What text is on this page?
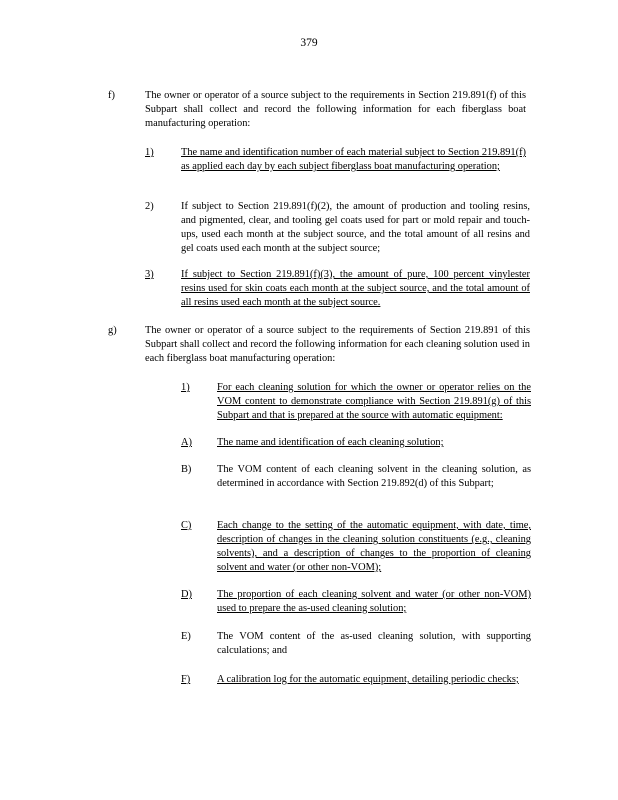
379
f)	The owner or operator of a source subject to the requirements in Section 219.891(f) of this Subpart shall collect and record the following information for each fiberglass boat manufacturing operation:
1)	The name and identification number of each material subject to Section 219.891(f) as applied each day by each subject fiberglass boat manufacturing operation;
2)	If subject to Section 219.891(f)(2), the amount of production and tooling resins, and pigmented, clear, and tooling gel coats used for part or mold repair and touch-ups, used each month at the subject source, and the total amount of all resins and gel coats used each month at the subject source;
3)	If subject to Section 219.891(f)(3), the amount of pure, 100 percent vinylester resins used for skin coats each month at the subject source, and the total amount of all resins used each month at the subject source.
g)	The owner or operator of a source subject to the requirements of Section 219.891 of this Subpart shall collect and record the following information for each cleaning solution used in each fiberglass boat manufacturing operation:
1)	For each cleaning solution for which the owner or operator relies on the VOM content to demonstrate compliance with Section 219.891(g) of this Subpart and that is prepared at the source with automatic equipment:
A) The name and identification of each cleaning solution;
B) The VOM content of each cleaning solvent in the cleaning solution, as determined in accordance with Section 219.892(d) of this Subpart;
C) Each change to the setting of the automatic equipment, with date, time, description of changes in the cleaning solution constituents (e.g., cleaning solvents), and a description of changes to the proportion of cleaning solvent and water (or other non-VOM);
D) The proportion of each cleaning solvent and water (or other non-VOM) used to prepare the as-used cleaning solution;
E)	The VOM content of the as-used cleaning solution, with supporting calculations; and
F)	A calibration log for the automatic equipment, detailing periodic checks;
